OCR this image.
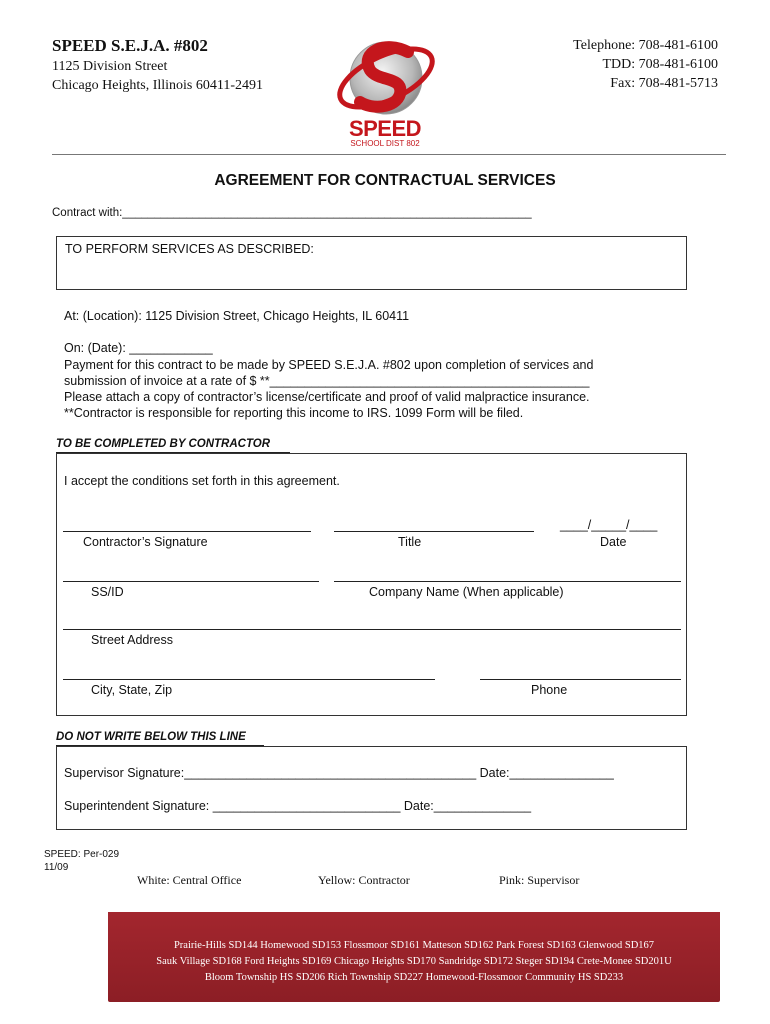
SPEED S.E.J.A. #802
1125 Division Street
Chicago Heights, Illinois 60411-2491
SPEED
SCHOOL DIST 802
Telephone: 708-481-6100
TDD: 708-481-6100
Fax: 708-481-5713
AGREEMENT FOR CONTRACTUAL SERVICES
Contract with:________________________________________________________________
TO PERFORM SERVICES AS DESCRIBED:
At: (Location): 1125 Division Street, Chicago Heights, IL 60411
On: (Date): ____________
Payment for this contract to be made by SPEED S.E.J.A. #802 upon completion of services and
submission of invoice at a rate of $ **______________________________________________
Please attach a copy of contractor’s license/certificate and proof of valid malpractice insurance.
**Contractor is responsible for reporting this income to IRS. 1099 Form will be filed.
TO BE COMPLETED BY CONTRACTOR
I accept the conditions set forth in this agreement.
____/_____/____
Contractor’s Signature	Title	Date
SS/ID	Company Name (When applicable)
Street Address
City, State, Zip	Phone
DO NOT WRITE BELOW THIS LINE
Supervisor Signature:__________________________________________ Date:_______________
Superintendent Signature: ___________________________ Date:______________
SPEED: Per-029
11/09
White: Central Office	Yellow: Contractor	Pink: Supervisor
Prairie-Hills SD144 Homewood SD153 Flossmoor SD161 Matteson SD162 Park Forest SD163 Glenwood SD167
Sauk Village SD168 Ford Heights SD169 Chicago Heights SD170 Sandridge SD172 Steger SD194 Crete-Monee SD201U
Bloom Township HS SD206 Rich Township SD227 Homewood-Flossmoor Community HS SD233
